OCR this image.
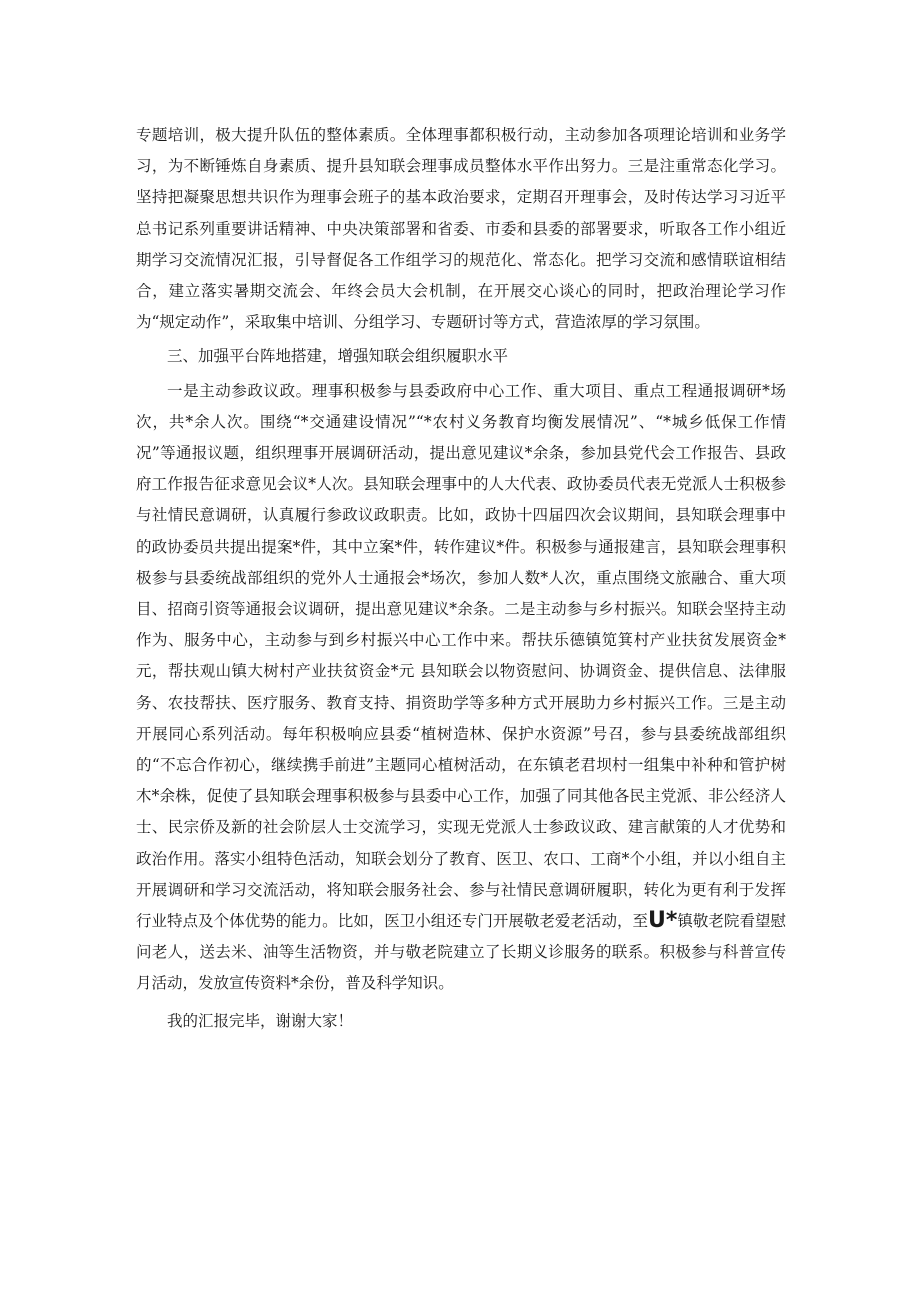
专题培训，极大提升队伍的整体素质。全体理事都积极行动，主动参加各项理论培训和业务学习，为不断锤炼自身素质、提升县知联会理事成员整体水平作出努力。三是注重常态化学习。坚持把凝聚思想共识作为理事会班子的基本政治要求，定期召开理事会，及时传达学习习近平总书记系列重要讲话精神、中央决策部署和省委、市委和县委的部署要求，听取各工作小组近期学习交流情况汇报，引导督促各工作组学习的规范化、常态化。把学习交流和感情联谊相结合，建立落实暑期交流会、年终会员大会机制，在开展交心谈心的同时，把政治理论学习作为“规定动作”，采取集中培训、分组学习、专题研讨等方式，营造浓厚的学习氛围。

三、加强平台阵地搭建，增强知联会组织履职水平

一是主动参政议政。理事积极参与县委政府中心工作、重大项目、重点工程通报调研*场次，共*余人次。围绕“*交通建设情况”“*农村义务教育均衡发展情况”、“*城乡低保工作情况”等通报议题，组织理事开展调研活动，提出意见建议*余条，参加县党代会工作报告、县政府工作报告征求意见会议*人次。县知联会理事中的人大代表、政协委员代表无党派人士积极参与社情民意调研，认真履行参政议政职责。比如，政协十四届四次会议期间，县知联会理事中的政协委员共提出提案*件，其中立案*件，转作建议*件。积极参与通报建言，县知联会理事积极参与县委统战部组织的党外人士通报会*场次，参加人数*人次，重点围绕文旅融合、重大项目、招商引资等通报会议调研，提出意见建议*余条。二是主动参与乡村振兴。知联会坚持主动作为、服务中心，主动参与到乡村振兴中心工作中来。帮扶乐德镇笕箕村产业扶贫发展资金*元，帮扶观山镇大树村产业扶贫资金*元 县知联会以物资慰问、协调资金、提供信息、法律服务、农技帮扶、医疗服务、教育支持、捐资助学等多种方式开展助力乡村振兴工作。三是主动开展同心系列活动。每年积极响应县委“植树造林、保护水资源”号召，参与县委统战部组织的“不忘合作初心，继续携手前进”主题同心植树活动，在东镇老君坝村一组集中补种和管护树木*余株，促使了县知联会理事积极参与县委中心工作，加强了同其他各民主党派、非公经济人士、民宗侨及新的社会阶层人士交流学习，实现无党派人士参政议政、建言献策的人才优势和政治作用。落实小组特色活动，知联会划分了教育、医卫、农口、工商*个小组，并以小组自主开展调研和学习交流活动，将知联会服务社会、参与社情民意调研履职，转化为更有利于发挥行业特点及个体优势的能力。比如，医卫小组还专门开展敬老爱老活动，至U*镇敬老院看望慰问老人，送去米、油等生活物资，并与敬老院建立了长期义诊服务的联系。积极参与科普宣传月活动，发放宣传资料*余份，普及科学知识。

我的汇报完毕，谢谢大家！
